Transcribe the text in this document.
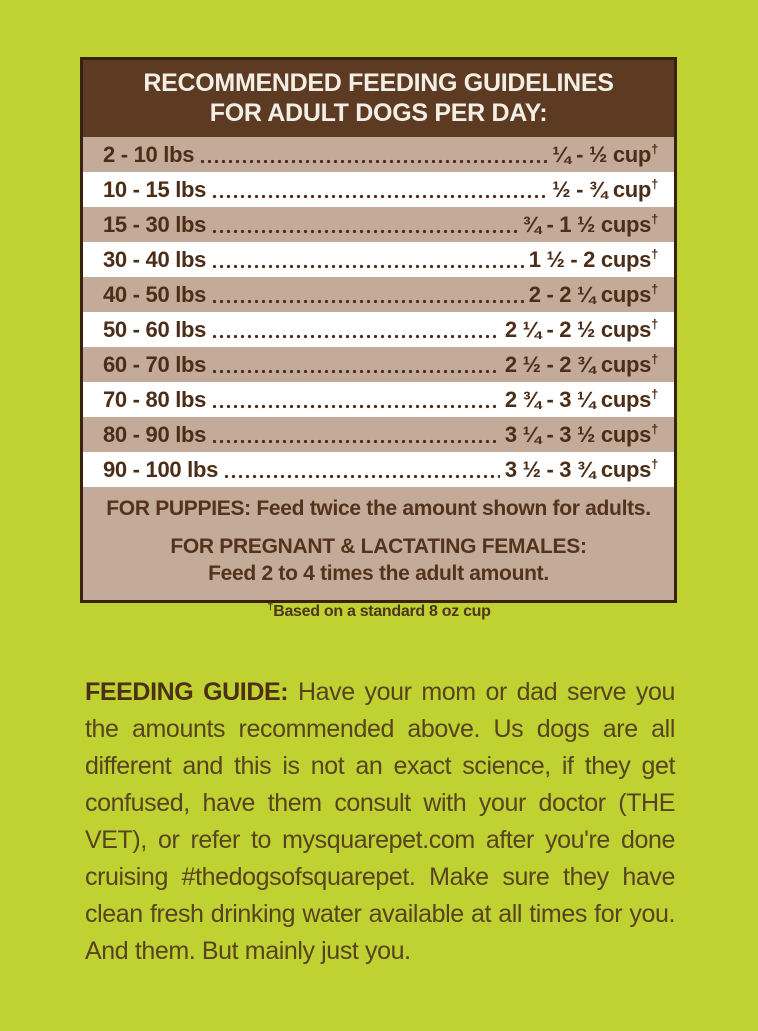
RECOMMENDED FEEDING GUIDELINES
FOR ADULT DOGS PER DAY:
2 - 10 lbs	¼ - ½ cup†
10 - 15 lbs	½ - ¾ cup†
15 - 30 lbs	¾ - 1 ½ cups†
30 - 40 lbs	1 ½ - 2 cups†
40 - 50 lbs	2 - 2 ¼ cups†
50 - 60 lbs	2 ¼ - 2 ½ cups†
60 - 70 lbs	2 ½ - 2 ¾ cups†
70 - 80 lbs	2 ¾ - 3 ¼ cups†
80 - 90 lbs	3 ¼ - 3 ½ cups†
90 - 100 lbs	3 ½ - 3 ¾ cups†
FOR PUPPIES: Feed twice the amount shown for adults.
FOR PREGNANT & LACTATING FEMALES:
Feed 2 to 4 times the adult amount.
†Based on a standard 8 oz cup
FEEDING GUIDE: Have your mom or dad serve you the amounts recommended above. Us dogs are all different and this is not an exact science, if they get confused, have them consult with your doctor (THE VET), or refer to mysquarepet.com after you're done cruising #thedogsofsquarepet. Make sure they have clean fresh drinking water available at all times for you. And them. But mainly just you.
